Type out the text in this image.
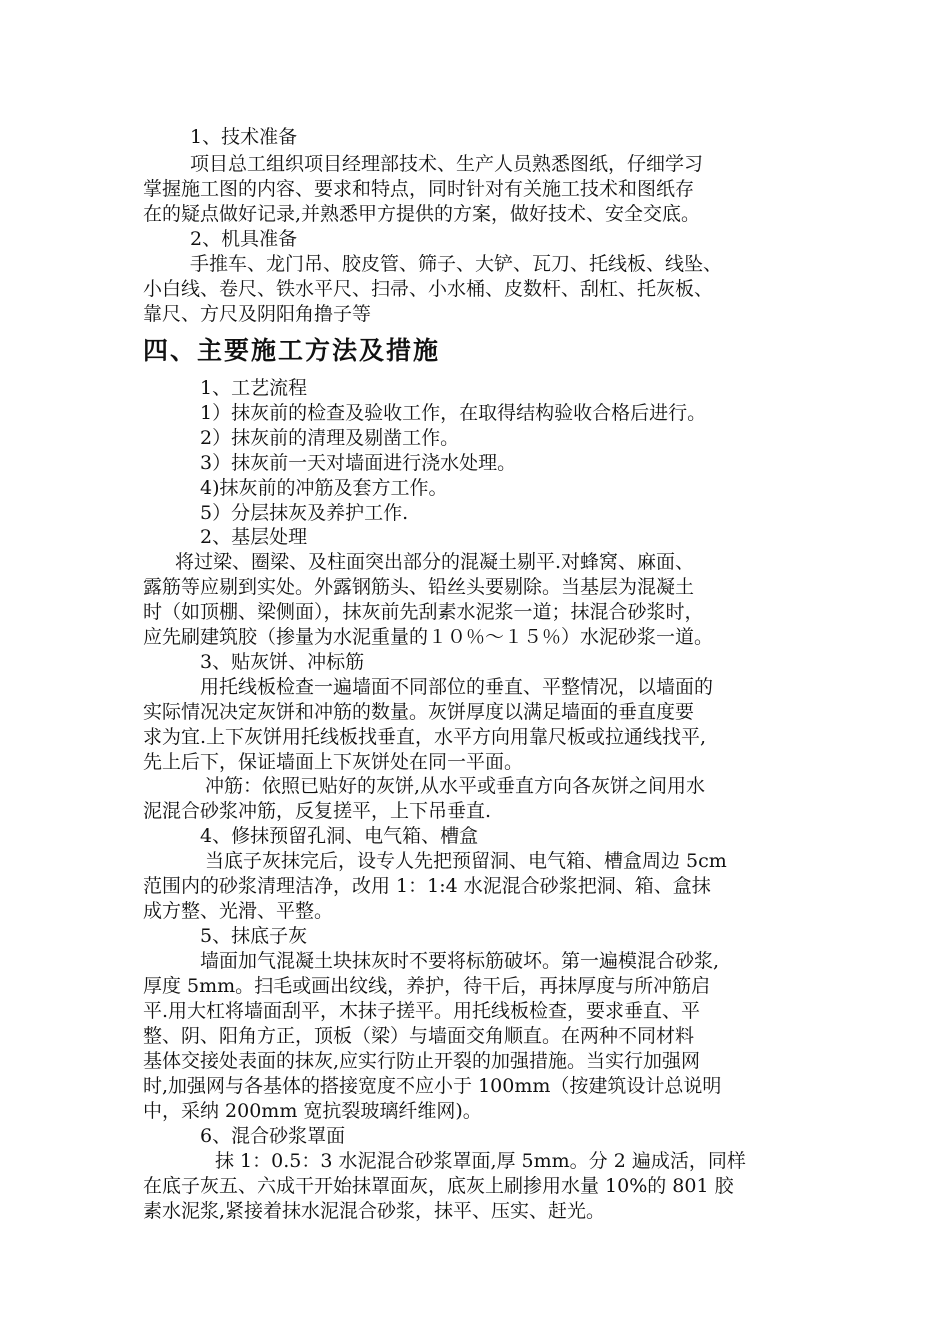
1、技术准备
项目总工组织项目经理部技术、生产人员熟悉图纸，仔细学习
掌握施工图的内容、要求和特点，同时针对有关施工技术和图纸存
在的疑点做好记录,并熟悉甲方提供的方案，做好技术、安全交底。
2、机具准备
手推车、龙门吊、胶皮管、筛子、大铲、瓦刀、托线板、线坠、
小白线、卷尺、铁水平尺、扫帚、小水桶、皮数杆、刮杠、托灰板、
靠尺、方尺及阴阳角撸子等
四、主要施工方法及措施
1、工艺流程
1）抹灰前的检查及验收工作，在取得结构验收合格后进行。
2）抹灰前的清理及剔凿工作。
3）抹灰前一天对墙面进行浇水处理。
4)抹灰前的冲筋及套方工作。
5）分层抹灰及养护工作.
2、基层处理
将过梁、圈梁、及柱面突出部分的混凝土剔平.对蜂窝、麻面、
露筋等应剔到实处。外露钢筋头、铅丝头要剔除。当基层为混凝土
时（如顶棚、梁侧面），抹灰前先刮素水泥浆一道；抹混合砂浆时，
应先刷建筑胶（掺量为水泥重量的１０％～１５％）水泥砂浆一道。
3、贴灰饼、冲标筋
用托线板检查一遍墙面不同部位的垂直、平整情况，以墙面的
实际情况决定灰饼和冲筋的数量。灰饼厚度以满足墙面的垂直度要
求为宜.上下灰饼用托线板找垂直，水平方向用靠尺板或拉通线找平,
先上后下，保证墙面上下灰饼处在同一平面。
冲筋：依照已贴好的灰饼,从水平或垂直方向各灰饼之间用水
泥混合砂浆冲筋，反复搓平，上下吊垂直.
4、修抹预留孔洞、电气箱、槽盒
当底子灰抹完后，设专人先把预留洞、电气箱、槽盒周边 5cm
范围内的砂浆清理洁净，改用 1：1:4 水泥混合砂浆把洞、箱、盒抹
成方整、光滑、平整。
5、抹底子灰
墙面加气混凝土块抹灰时不要将标筋破坏。第一遍模混合砂浆,
厚度 5mm。扫毛或画出纹线，养护，待干后，再抹厚度与所冲筋启
平.用大杠将墙面刮平，木抹子搓平。用托线板检查，要求垂直、平
整、阴、阳角方正，顶板（梁）与墙面交角顺直。在两种不同材料
基体交接处表面的抹灰,应实行防止开裂的加强措施。当实行加强网
时,加强网与各基体的搭接宽度不应小于 100mm（按建筑设计总说明
中，采纳 200mm 宽抗裂玻璃纤维网)。
6、混合砂浆罩面
抹 1：0.5：3 水泥混合砂浆罩面,厚 5mm。分 2 遍成活，同样
在底子灰五、六成干开始抹罩面灰，底灰上刷掺用水量 10%的 801 胶
素水泥浆,紧接着抹水泥混合砂浆，抹平、压实、赶光。
